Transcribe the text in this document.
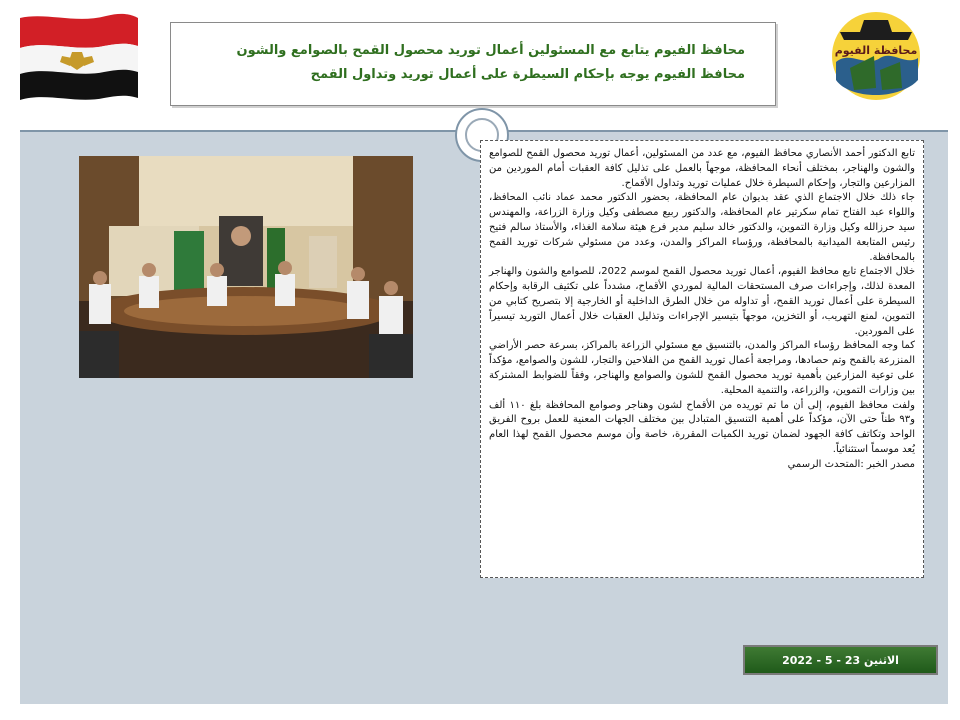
محافظة الفيوم
محافظ الفيوم يتابع مع المسئولين أعمال توريد محصول القمح بالصوامع والشون
محافظ الفيوم يوجه بإحكام السيطرة على أعمال توريد وتداول القمح

تابع الدكتور أحمد الأنصاري محافظ الفيوم، مع عدد من المسئولين، أعمال توريد محصول القمح للصوامع والشون والهناجر، بمختلف أنحاء المحافظة، موجهاً بالعمل على تذليل كافة العقبات أمام الموردين من المزارعين والتجار، وإحكام السيطرة خلال عمليات توريد وتداول الأقماح.

جاء ذلك خلال الاجتماع الذي عقد بديوان عام المحافظة، بحضور الدكتور محمد عماد نائب المحافظ، واللواء عبد الفتاح تمام سكرتير عام المحافظة، والدكتور ربيع مصطفى وكيل وزارة الزراعة، والمهندس سيد حرزالله وكيل وزارة التموين، والدكتور خالد سليم مدير فرع هيئة سلامة الغذاء، والأستاذ سالم فتيح رئيس المتابعة الميدانية بالمحافظة، ورؤساء المراكز والمدن، وعدد من مسئولي شركات توريد القمح بالمحافظة.

خلال الاجتماع تابع محافظ الفيوم، أعمال توريد محصول القمح لموسم 2022، للصوامع والشون والهناجر المعدة لذلك، وإجراءات صرف المستحقات المالية لموردي الأقماح، مشدداً على تكثيف الرقابة وإحكام السيطرة على أعمال توريد القمح، أو تداوله من خلال الطرق الداخلية أو الخارجية إلا بتصريح كتابي من التموين، لمنع التهريب، أو التخزين، موجهاً بتيسير الإجراءات وتذليل العقبات خلال أعمال التوريد تيسيراً على الموردين.

كما وجه المحافظ رؤساء المراكز والمدن، بالتنسيق مع مسئولي الزراعة بالمراكز، بسرعة حصر الأراضي المنزرعة بالقمح وتم حصادها، ومراجعة أعمال توريد القمح من الفلاحين والتجار، للشون والصوامع، مؤكداً على توعية المزارعين بأهمية توريد محصول القمح للشون والصوامع والهناجر، وفقاً للضوابط المشتركة بين وزارات التموين، والزراعة، والتنمية المحلية.

ولفت محافظ الفيوم، إلى أن ما تم توريده من الأقماح لشون وهناجر وصوامع المحافظة بلغ ١١٠ ألف و٩٣ طناً حتى الآن، مؤكداً على أهمية التنسيق المتبادل بين مختلف الجهات المعنية للعمل بروح الفريق الواحد وتكاتف كافة الجهود لضمان توريد الكميات المقررة، خاصة وأن موسم محصول القمح لهذا العام يُعد موسماً استثنائياً.

مصدر الخبر :المتحدث الرسمي

الاثنين 23 - 5 - 2022
